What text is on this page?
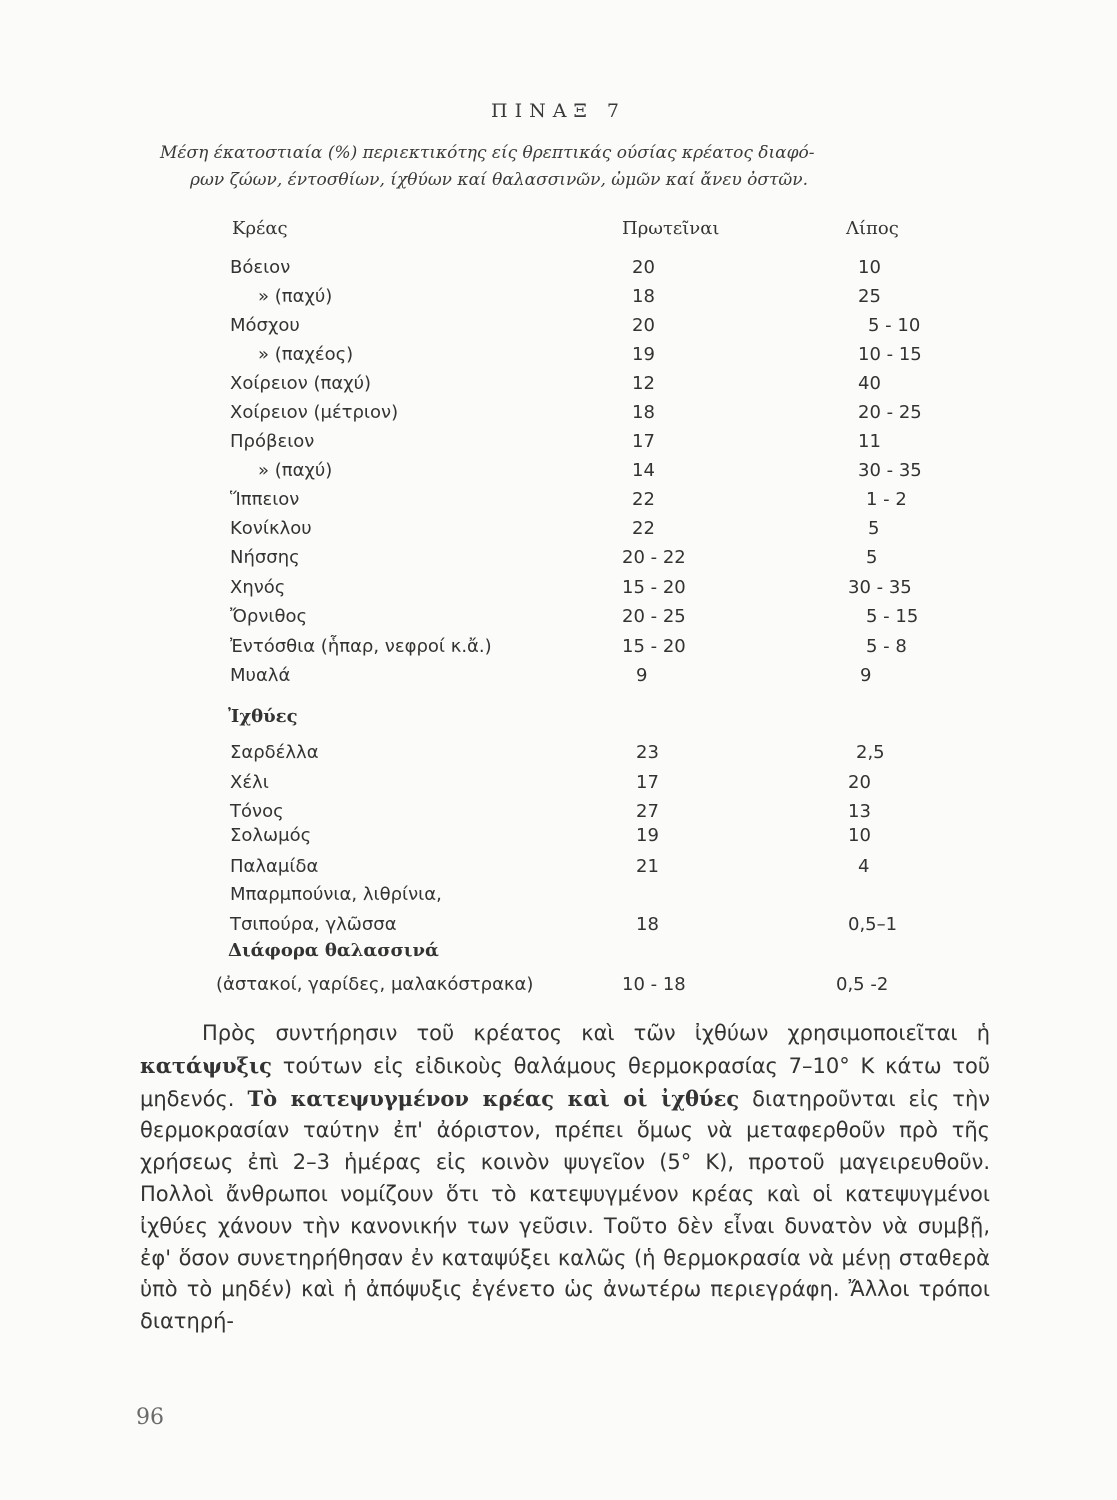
ΠΙΝΑΞ 7
Μέση έκατοστιαία (%) περιεκτικότης είς θρεπτικάς ούσίας κρέατος διαφό-
ρων ζώων, έντοσθίων, ίχθύων καί θαλασσινῶν, ὠμῶν καί ἄνευ ὀστῶν.
Κρέας	Πρωτεῖναι	Λίπος
Βόειον	20	10
» (παχύ)	18	25
Μόσχου	20	5 - 10
» (παχέος)	19	10 - 15
Χοίρειον (παχύ)	12	40
Χοίρειον (μέτριον)	18	20 - 25
Πρόβειον	17	11
» (παχύ)	14	30 - 35
Ἵππειον	22	1 - 2
Κονίκλου	22	5
Νήσσης	20 - 22	5
Χηνός	15 - 20	30 - 35
Ὄρνιθος	20 - 25	5 - 15
Ἐντόσθια (ἧπαρ, νεφροί κ.ἄ.)	15 - 20	5 - 8
Μυαλά	9	9
Ἰχθύες
Σαρδέλλα	23	2,5
Χέλι	17	20
Τόνος	27	13
Σολωμός	19	10
Παλαμίδα	21	4
Μπαρμπούνια, λιθρίνια,
Τσιπούρα, γλῶσσα	18	0,5–1
Διάφορα θαλασσινά
(ἀστακοί, γαρίδες, μαλακόστρακα)	10 - 18	0,5 -2

Πρὸς συντήρησιν τοῦ κρέατος καὶ τῶν ἰχθύων χρησιμοποιεῖται ἡ κατάψυξις τούτων εἰς εἰδικοὺς θαλάμους θερμοκρασίας 7–10° Κ κάτω τοῦ μηδενός. Τὸ κατεψυγμένον κρέας καὶ οἱ ἰχθύες διατηροῦνται εἰς τὴν θερμοκρασίαν ταύτην ἐπ' ἀόριστον, πρέπει ὅμως νὰ μεταφερθοῦν πρὸ τῆς χρήσεως ἐπὶ 2–3 ἡμέρας εἰς κοινὸν ψυγεῖον (5° Κ), προτοῦ μαγειρευθοῦν. Πολλοὶ ἄνθρωποι νομίζουν ὅτι τὸ κατεψυγμένον κρέας καὶ οἱ κατεψυγμένοι ἰχθύες χάνουν τὴν κανονικήν των γεῦσιν. Τοῦτο δὲν εἶναι δυνατὸν νὰ συμβῇ, ἐφ' ὅσον συνετηρήθησαν ἐν καταψύξει καλῶς (ἡ θερμοκρασία νὰ μένῃ σταθερὰ ὑπὸ τὸ μηδέν) καὶ ἡ ἀπόψυξις ἐγένετο ὡς ἀνωτέρω περιεγράφη. Ἄλλοι τρόποι διατηρή-

96
